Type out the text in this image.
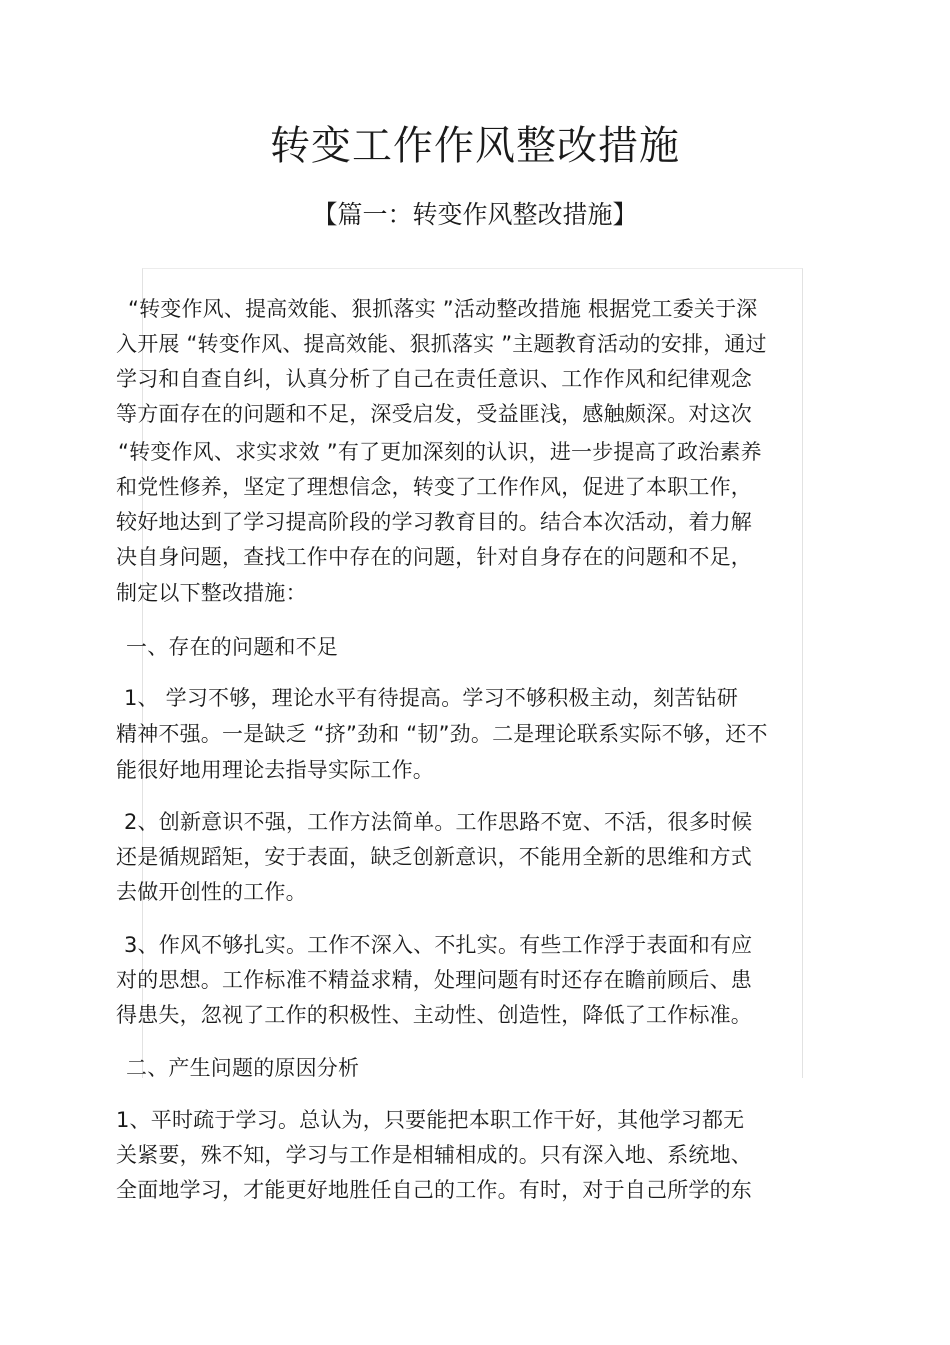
转变工作作风整改措施
【篇一：转变作风整改措施】
“转变作风、提高效能、狠抓落实 ”活动整改措施 根据党工委关于深
入开展 “转变作风、提高效能、狠抓落实 ”主题教育活动的安排，通过
学习和自查自纠，认真分析了自己在责任意识、工作作风和纪律观念
等方面存在的问题和不足，深受启发，受益匪浅，感触颇深。对这次
“转变作风、求实求效 ”有了更加深刻的认识，进一步提高了政治素养
和党性修养，坚定了理想信念，转变了工作作风，促进了本职工作，
较好地达到了学习提高阶段的学习教育目的。结合本次活动，着力解
决自身问题，查找工作中存在的问题，针对自身存在的问题和不足，
制定以下整改措施：
一、存在的问题和不足
1、 学习不够，理论水平有待提高。学习不够积极主动，刻苦钻研
精神不强。一是缺乏 “挤”劲和 “韧”劲。二是理论联系实际不够，还不
能很好地用理论去指导实际工作。
2、创新意识不强，工作方法简单。工作思路不宽、不活，很多时候
还是循规蹈矩，安于表面，缺乏创新意识，不能用全新的思维和方式
去做开创性的工作。
3、作风不够扎实。工作不深入、不扎实。有些工作浮于表面和有应
对的思想。工作标准不精益求精，处理问题有时还存在瞻前顾后、患
得患失，忽视了工作的积极性、主动性、创造性，降低了工作标准。
二、产生问题的原因分析
1、平时疏于学习。总认为，只要能把本职工作干好，其他学习都无
关紧要，殊不知，学习与工作是相辅相成的。只有深入地、系统地、
全面地学习，才能更好地胜任自己的工作。有时，对于自己所学的东
